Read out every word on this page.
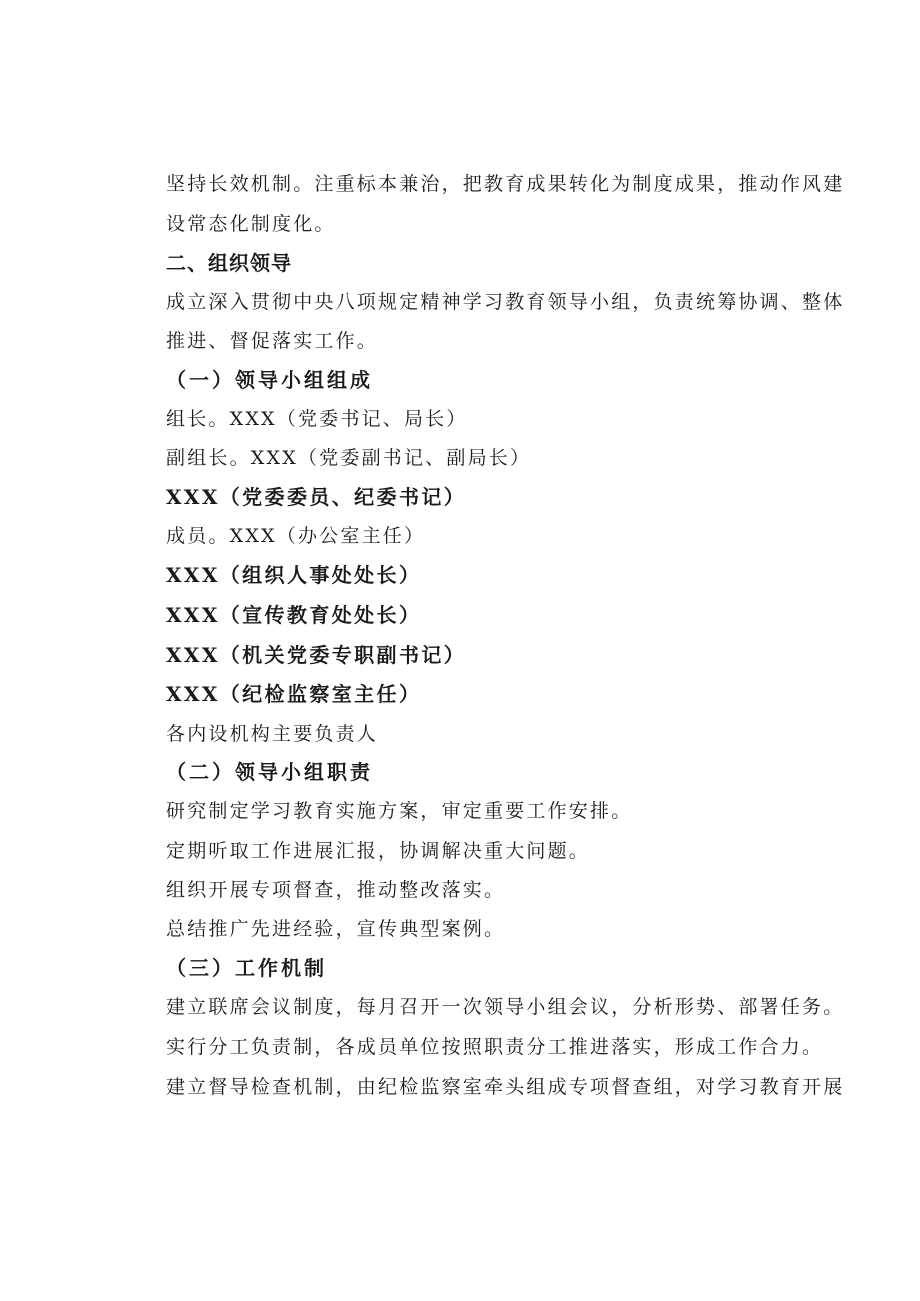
坚持长效机制。注重标本兼治，把教育成果转化为制度成果，推动作风建
设常态化制度化。
二、组织领导
成立深入贯彻中央八项规定精神学习教育领导小组，负责统筹协调、整体
推进、督促落实工作。
（一）领导小组组成
组长。XXX（党委书记、局长）
副组长。XXX（党委副书记、副局长）
XXX（党委委员、纪委书记）
成员。XXX（办公室主任）
XXX（组织人事处处长）
XXX（宣传教育处处长）
XXX（机关党委专职副书记）
XXX（纪检监察室主任）
各内设机构主要负责人
（二）领导小组职责
研究制定学习教育实施方案，审定重要工作安排。
定期听取工作进展汇报，协调解决重大问题。
组织开展专项督查，推动整改落实。
总结推广先进经验，宣传典型案例。
（三）工作机制
建立联席会议制度，每月召开一次领导小组会议，分析形势、部署任务。
实行分工负责制，各成员单位按照职责分工推进落实，形成工作合力。
建立督导检查机制，由纪检监察室牵头组成专项督查组，对学习教育开展
